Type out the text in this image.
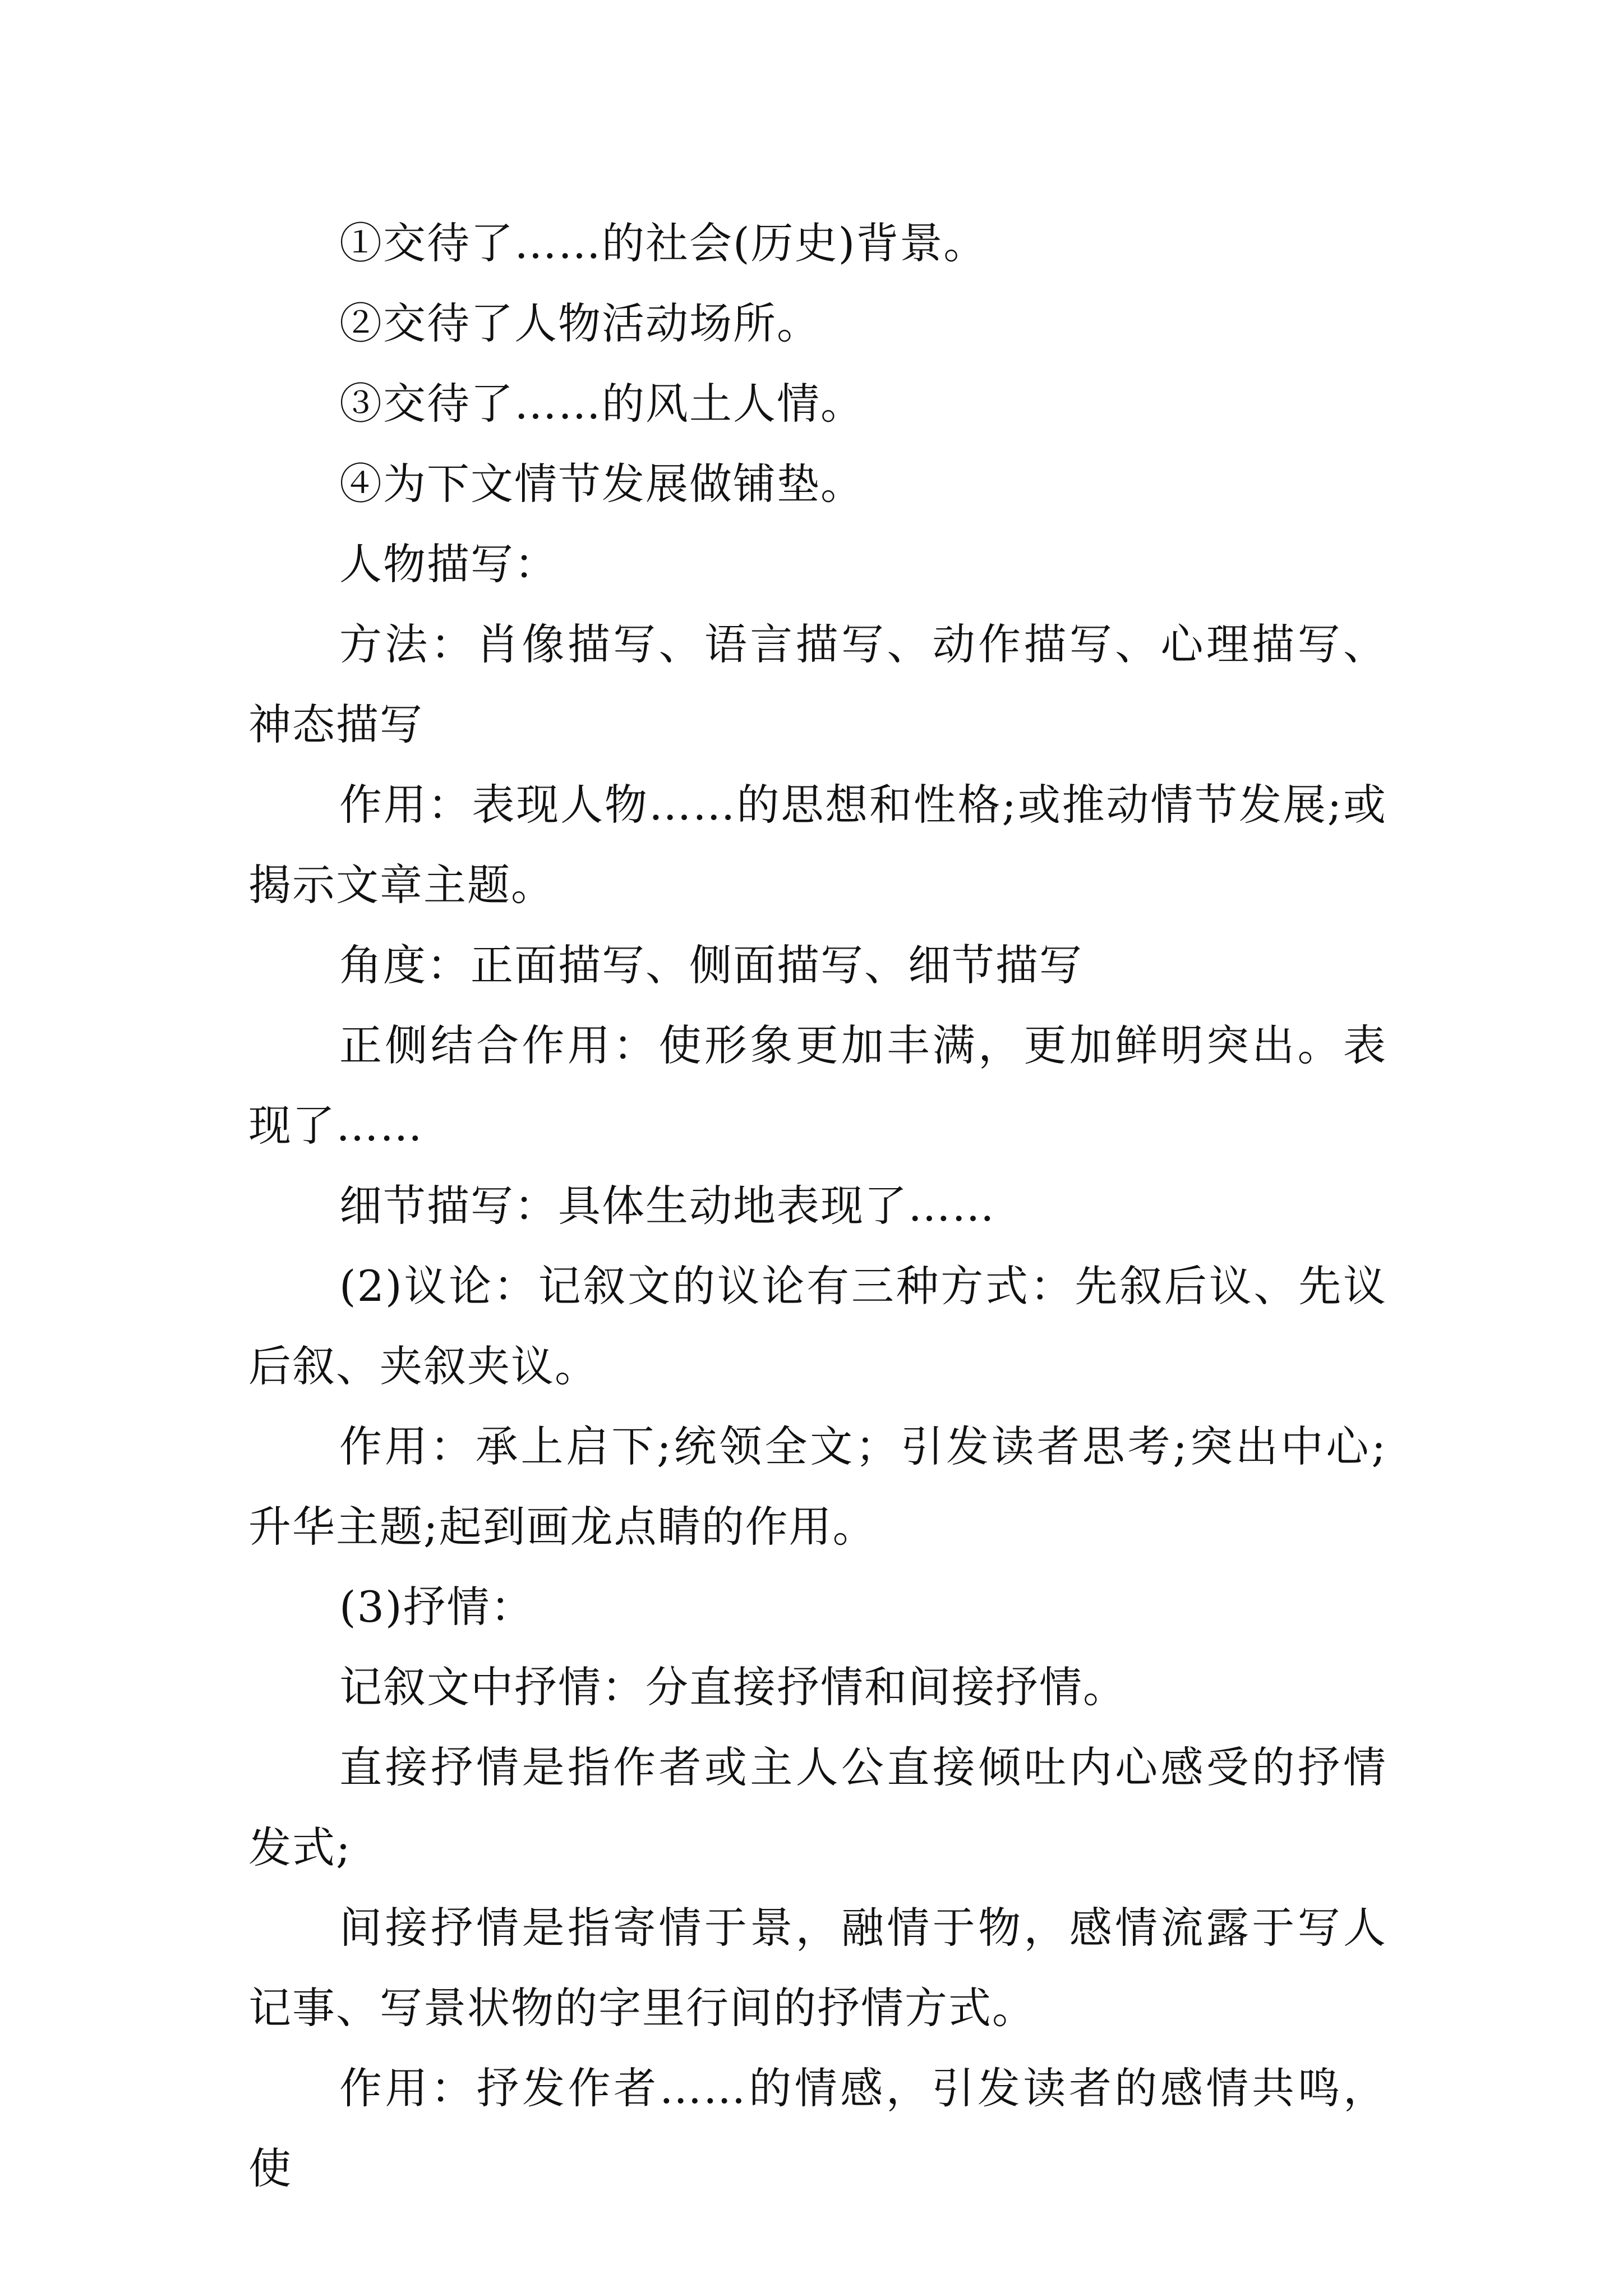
①交待了……的社会(历史)背景。

②交待了人物活动场所。

③交待了……的风土人情。

④为下文情节发展做铺垫。

人物描写：

方法：肖像描写、语言描写、动作描写、心理描写、神态描写

作用：表现人物……的思想和性格;或推动情节发展;或揭示文章主题。

角度：正面描写、侧面描写、细节描写

正侧结合作用：使形象更加丰满，更加鲜明突出。表现了……

细节描写：具体生动地表现了……

(2)议论：记叙文的议论有三种方式：先叙后议、先议后叙、夹叙夹议。

作用：承上启下;统领全文；引发读者思考;突出中心;升华主题;起到画龙点睛的作用。

(3)抒情：

记叙文中抒情：分直接抒情和间接抒情。

直接抒情是指作者或主人公直接倾吐内心感受的抒情发式;

间接抒情是指寄情于景，融情于物，感情流露于写人记事、写景状物的字里行间的抒情方式。

作用：抒发作者……的情感，引发读者的感情共鸣，使
